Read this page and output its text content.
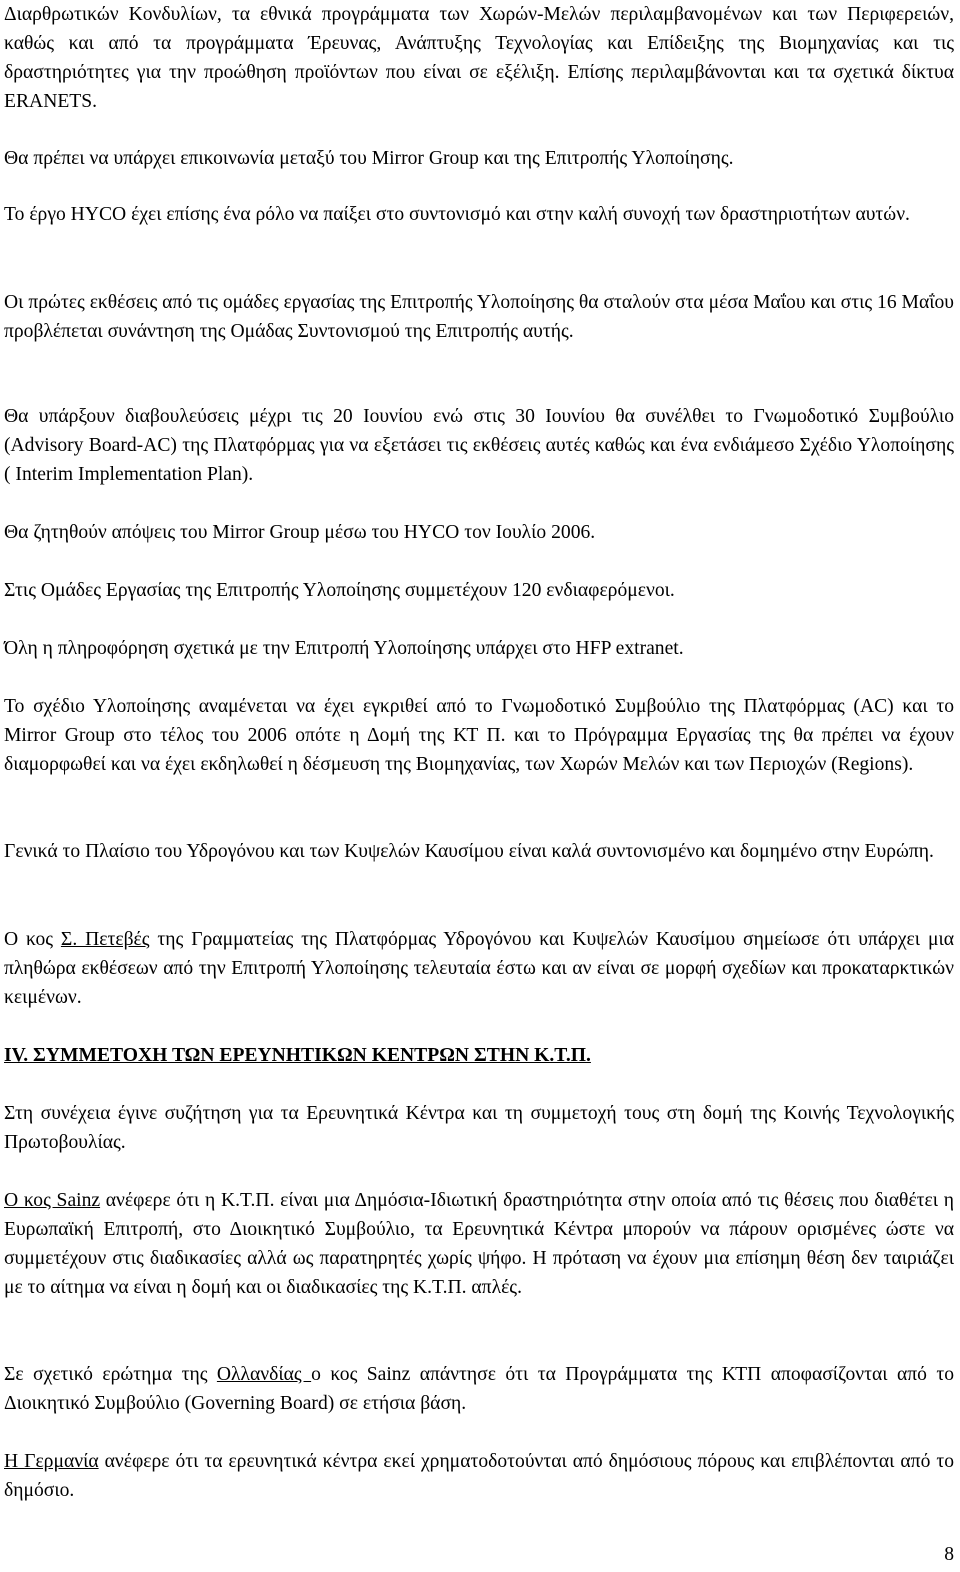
Διαρθρωτικών Κονδυλίων, τα εθνικά προγράμματα των Χωρών-Μελών περιλαμβανομένων και των Περιφερειών, καθώς και από τα προγράμματα Έρευνας, Ανάπτυξης Τεχνολογίας και Επίδειξης της Βιομηχανίας και τις δραστηριότητες για την προώθηση προϊόντων που είναι σε εξέλιξη. Επίσης περιλαμβάνονται και τα σχετικά δίκτυα ERANETS.

Θα πρέπει να υπάρχει επικοινωνία μεταξύ του Mirror Group και της Επιτροπής Υλοποίησης.

Το έργο HYCO έχει επίσης ένα ρόλο να παίξει στο συντονισμό και στην καλή συνοχή των δραστηριοτήτων αυτών.

Οι πρώτες εκθέσεις από τις ομάδες εργασίας της Επιτροπής Υλοποίησης θα σταλούν στα μέσα Μαΐου και στις 16 Μαΐου προβλέπεται συνάντηση της Ομάδας Συντονισμού της Επιτροπής αυτής.

Θα υπάρξουν διαβουλεύσεις μέχρι τις 20 Ιουνίου ενώ στις 30 Ιουνίου θα συνέλθει το Γνωμοδοτικό Συμβούλιο (Advisory Board-AC) της Πλατφόρμας για να εξετάσει τις εκθέσεις αυτές καθώς και ένα ενδιάμεσο Σχέδιο Υλοποίησης ( Interim Implementation Plan).

Θα ζητηθούν απόψεις του Mirror Group μέσω του HYCO τον Ιουλίο 2006.

Στις Ομάδες Εργασίας της Επιτροπής Υλοποίησης συμμετέχουν 120 ενδιαφερόμενοι.

Όλη η πληροφόρηση σχετικά με την Επιτροπή Υλοποίησης υπάρχει στο HFP extranet.

Το σχέδιο Υλοποίησης αναμένεται να έχει εγκριθεί από το Γνωμοδοτικό Συμβούλιο της Πλατφόρμας (AC) και το Mirror Group στο τέλος του 2006 οπότε η Δομή της ΚΤ Π. και το Πρόγραμμα Εργασίας της θα πρέπει να έχουν διαμορφωθεί και να έχει εκδηλωθεί η δέσμευση της Βιομηχανίας, των Χωρών Μελών και των Περιοχών (Regions).

Γενικά το Πλαίσιο του Υδρογόνου και των Κυψελών Καυσίμου είναι καλά συντονισμένο και δομημένο στην Ευρώπη.

Ο κος Σ. Πετεβές της Γραμματείας της Πλατφόρμας Υδρογόνου και Κυψελών Καυσίμου σημείωσε ότι υπάρχει μια πληθώρα εκθέσεων από την Επιτροπή Υλοποίησης τελευταία έστω και αν είναι σε μορφή σχεδίων και προκαταρκτικών κειμένων.

IV. ΣΥΜΜΕΤΟΧΗ ΤΩΝ ΕΡΕΥΝΗΤΙΚΩΝ ΚΕΝΤΡΩΝ ΣΤΗΝ Κ.Τ.Π.

Στη συνέχεια έγινε συζήτηση για τα Ερευνητικά Κέντρα και τη συμμετοχή τους στη δομή της Κοινής Τεχνολογικής Πρωτοβουλίας.

Ο κος Sainz ανέφερε ότι η Κ.Τ.Π. είναι μια Δημόσια-Ιδιωτική δραστηριότητα στην οποία από τις θέσεις που διαθέτει η Ευρωπαϊκή Επιτροπή, στο Διοικητικό Συμβούλιο, τα Ερευνητικά Κέντρα μπορούν να πάρουν ορισμένες ώστε να συμμετέχουν στις διαδικασίες αλλά ως παρατηρητές χωρίς ψήφο. Η πρόταση να έχουν μια επίσημη θέση δεν ταιριάζει με το αίτημα να είναι η δομή και οι διαδικασίες της Κ.Τ.Π. απλές.

Σε σχετικό ερώτημα της Ολλανδίας ο κος Sainz απάντησε ότι τα Προγράμματα της ΚΤΠ αποφασίζονται από το Διοικητικό Συμβούλιο (Governing Board) σε ετήσια βάση.

Η Γερμανία ανέφερε ότι τα ερευνητικά κέντρα εκεί χρηματοδοτούνται από δημόσιους πόρους και επιβλέπονται από το δημόσιο.

8
